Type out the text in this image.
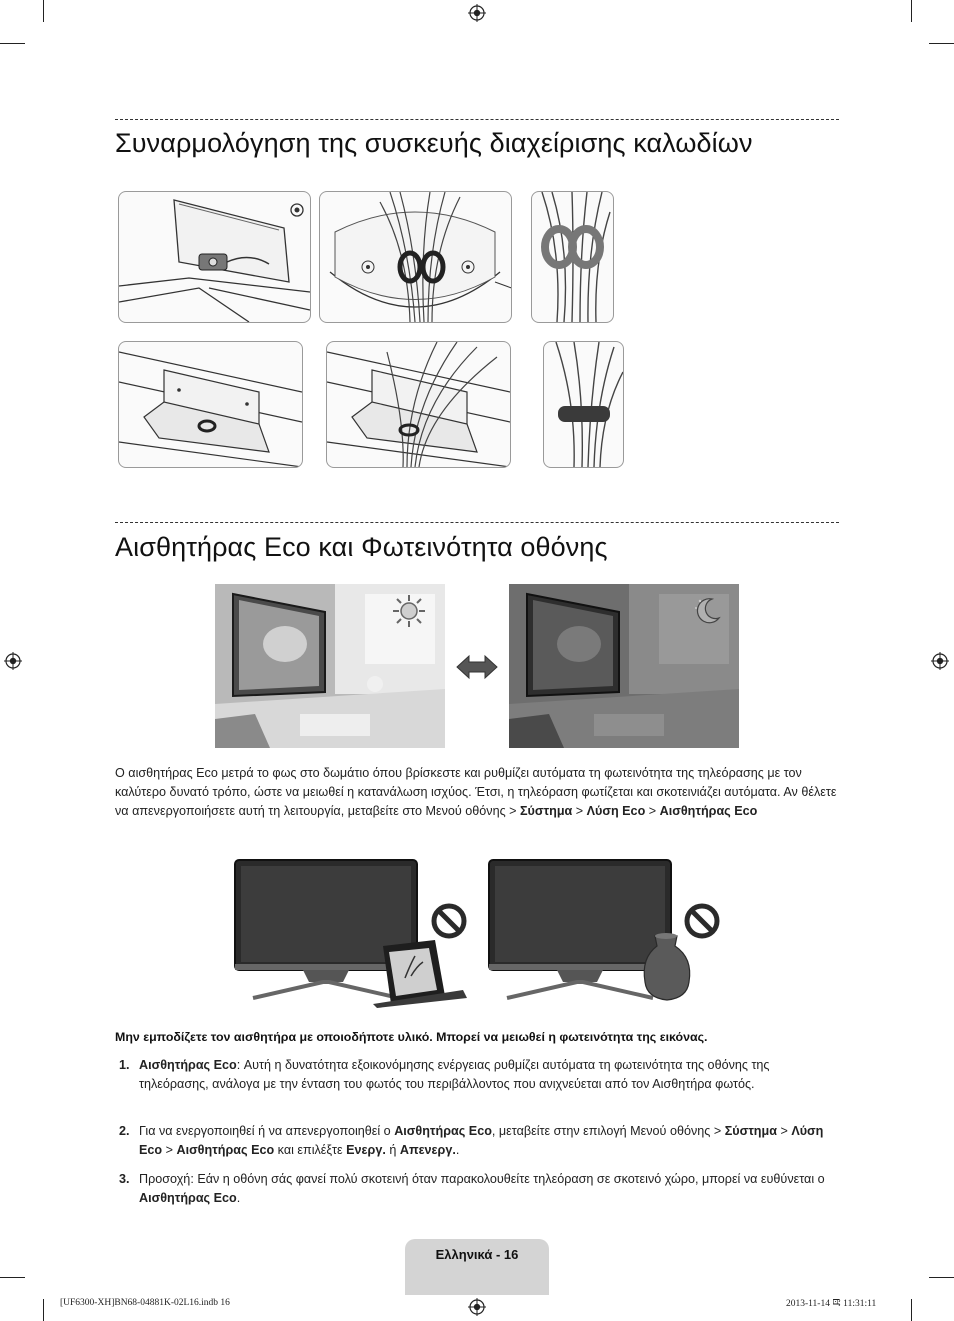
Συναρμολόγηση της συσκευής διαχείρισης καλωδίων
Αισθητήρας Eco και Φωτεινότητα οθόνης
Ο αισθητήρας Eco μετρά το φως στο δωμάτιο όπου βρίσκεστε και ρυθμίζει αυτόματα τη φωτεινότητα της τηλεόρασης με τον καλύτερο δυνατό τρόπο, ώστε να μειωθεί η κατανάλωση ισχύος. Έτσι, η τηλεόραση φωτίζεται και σκοτεινιάζει αυτόματα. Αν θέλετε να απενεργοποιήσετε αυτή τη λειτουργία, μεταβείτε στο Μενού οθόνης > Σύστημα > Λύση Eco > Αισθητήρας Eco
Μην εμποδίζετε τον αισθητήρα με οποιοδήποτε υλικό. Μπορεί να μειωθεί η φωτεινότητα της εικόνας.
1. Αισθητήρας Eco: Αυτή η δυνατότητα εξοικονόμησης ενέργειας ρυθμίζει αυτόματα τη φωτεινότητα της οθόνης της τηλεόρασης, ανάλογα με την ένταση του φωτός του περιβάλλοντος που ανιχνεύεται από τον Αισθητήρα φωτός.
2. Για να ενεργοποιηθεί ή να απενεργοποιηθεί ο Αισθητήρας Eco, μεταβείτε στην επιλογή Μενού οθόνης > Σύστημα > Λύση Eco > Αισθητήρας Eco και επιλέξτε Ενεργ. ή Απενεργ..
3. Προσοχή: Εάν η οθόνη σάς φανεί πολύ σκοτεινή όταν παρακολουθείτε τηλεόραση σε σκοτεινό χώρο, μπορεί να ευθύνεται ο Αισθητήρας Eco.
Ελληνικά - 16
[UF6300-XH]BN68-04881K-02L16.indb 16	2013-11-14 ꕓ 11:31:11
